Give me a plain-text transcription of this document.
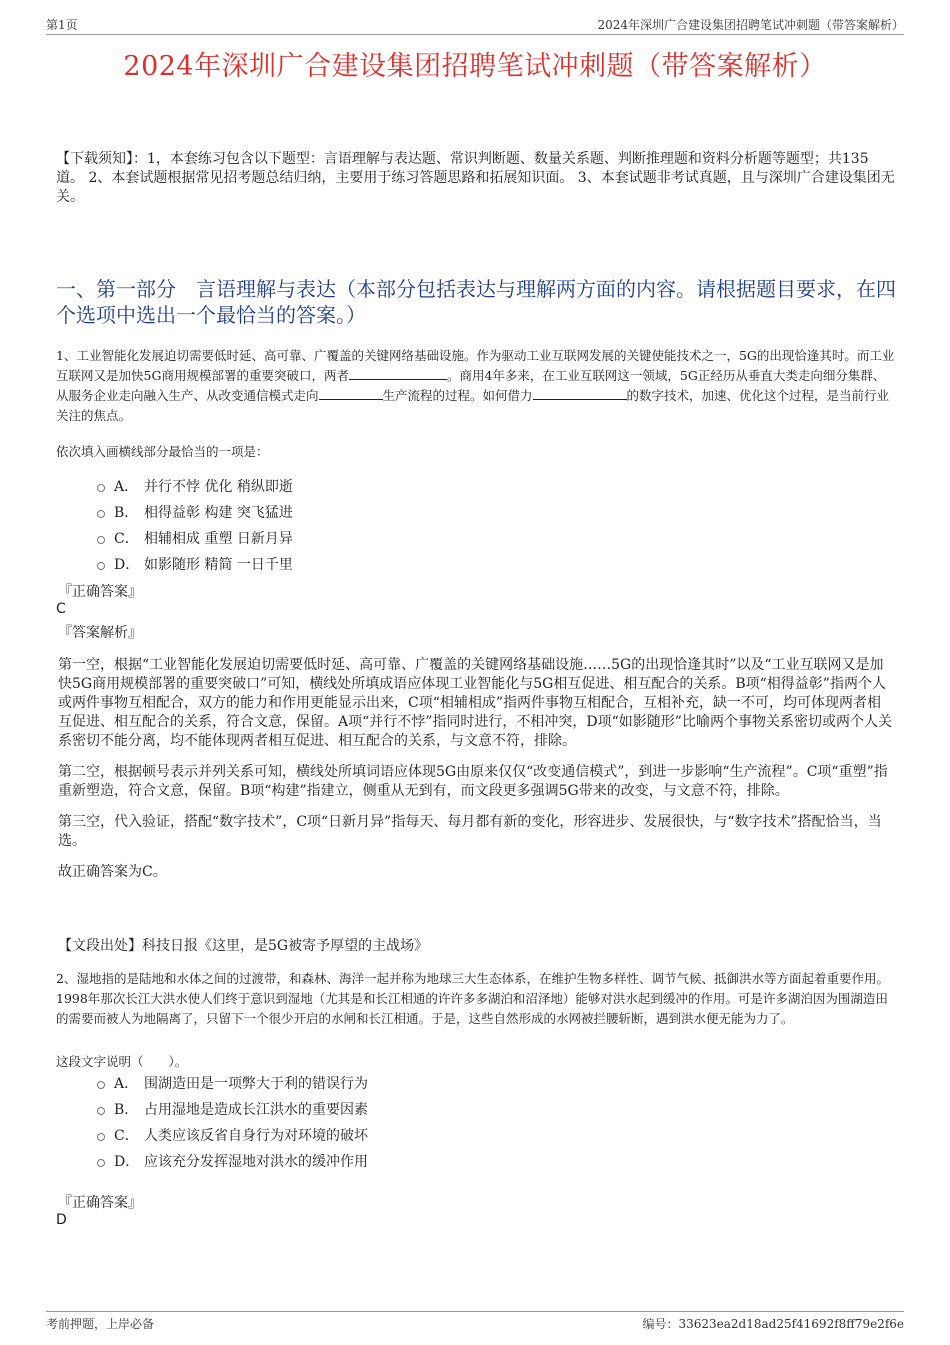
第1页	2024年深圳广合建设集团招聘笔试冲刺题（带答案解析）
2024年深圳广合建设集团招聘笔试冲刺题（带答案解析）
【下载须知】：1，本套练习包含以下题型：言语理解与表达题、常识判断题、数量关系题、判断推理题和资料分析题等题型；共135道。 2、本套试题根据常见招考题总结归纳，主要用于练习答题思路和拓展知识面。 3、本套试题非考试真题，且与深圳广合建设集团无关。
一、第一部分　言语理解与表达（本部分包括表达与理解两方面的内容。请根据题目要求，在四个选项中选出一个最恰当的答案。）
1、工业智能化发展迫切需要低时延、高可靠、广覆盖的关键网络基础设施。作为驱动工业互联网发展的关键使能技术之一，5G的出现恰逢其时。而工业互联网又是加快5G商用规模部署的重要突破口，两者	。商用4年多来，在工业互联网这一领域，5G正经历从垂直大类走向细分集群、从服务企业走向融入生产、从改变通信模式走向	生产流程的过程。如何借力	的数字技术，加速、优化这个过程，是当前行业关注的焦点。
依次填入画横线部分最恰当的一项是：
A． 并行不悖 优化 稍纵即逝
B． 相得益彰 构建 突飞猛进
C． 相辅相成 重塑 日新月异
D． 如影随形 精简 一日千里
『正确答案』
C
『答案解析』

第一空，根据“工业智能化发展迫切需要低时延、高可靠、广覆盖的关键网络基础设施……5G的出现恰逢其时”以及“工业互联网又是加快5G商用规模部署的重要突破口”可知，横线处所填成语应体现工业智能化与5G相互促进、相互配合的关系。B项“相得益彰”指两个人或两件事物互相配合，双方的能力和作用更能显示出来，C项“相辅相成”指两件事物互相配合，互相补充，缺一不可，均可体现两者相互促进、相互配合的关系，符合文意，保留。A项“并行不悖”指同时进行，不相冲突，D项“如影随形”比喻两个事物关系密切或两个人关系密切不能分离，均不能体现两者相互促进、相互配合的关系，与文意不符，排除。

第二空，根据顿号表示并列关系可知，横线处所填词语应体现5G由原来仅仅“改变通信模式”，到进一步影响“生产流程”。C项“重塑”指重新塑造，符合文意，保留。B项“构建”指建立，侧重从无到有，而文段更多强调5G带来的改变，与文意不符，排除。

第三空，代入验证，搭配“数字技术”，C项“日新月异”指每天、每月都有新的变化，形容进步、发展很快，与“数字技术”搭配恰当，当选。

故正确答案为C。

【文段出处】科技日报《这里，是5G被寄予厚望的主战场》
2、湿地指的是陆地和水体之间的过渡带，和森林、海洋一起并称为地球三大生态体系，在维护生物多样性、调节气候、抵御洪水等方面起着重要作用。1998年那次长江大洪水使人们终于意识到湿地（尤其是和长江相通的许许多多湖泊和沼泽地）能够对洪水起到缓冲的作用。可是许多湖泊因为围湖造田的需要而被人为地隔离了，只留下一个很少开启的水闸和长江相通。于是，这些自然形成的水网被拦腰斩断，遇到洪水便无能为力了。
这段文字说明（　　）。
A． 围湖造田是一项弊大于利的错误行为
B． 占用湿地是造成长江洪水的重要因素
C． 人类应该反省自身行为对环境的破坏
D． 应该充分发挥湿地对洪水的缓冲作用
『正确答案』
D
考前押题，上岸必备	编号：33623ea2d18ad25f41692f8ff79e2f6e
